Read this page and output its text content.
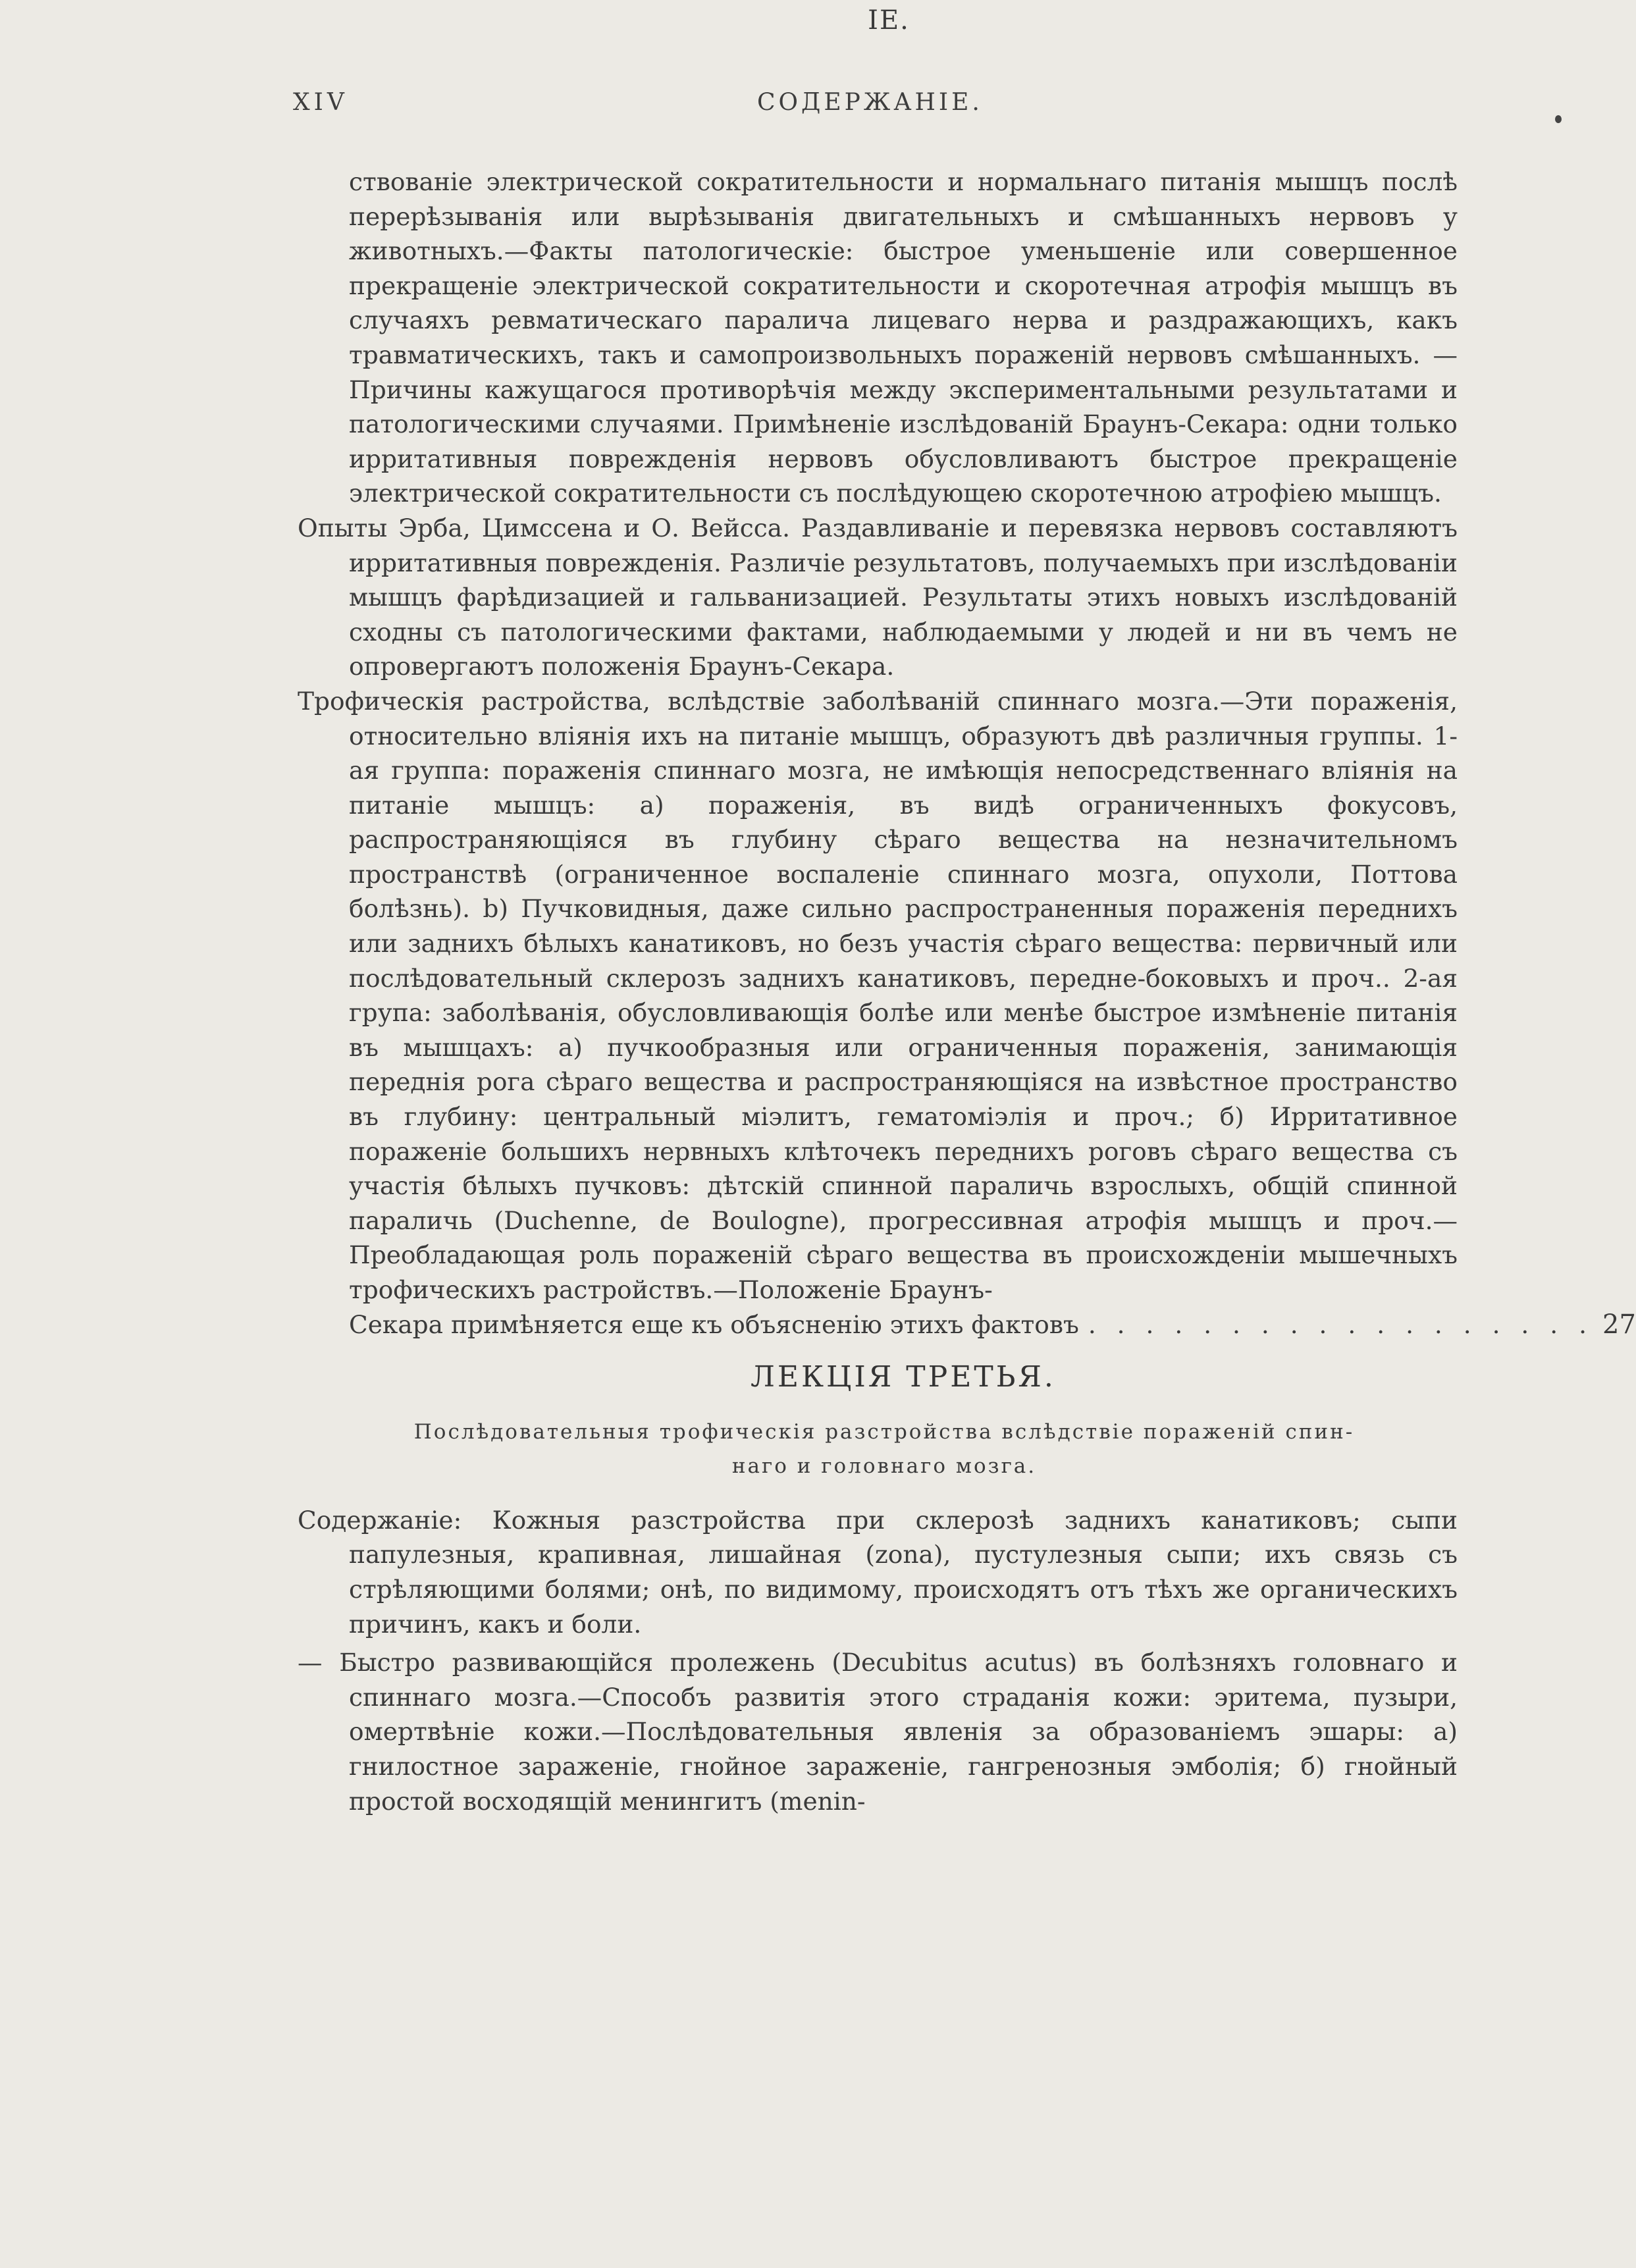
IE.
XIV	СОДЕРЖАНІЕ.
ствованіе электрической сократительности и нормальнаго питанія мышцъ послѣ перерѣзыванія или вырѣзыванія двигательныхъ и смѣшанныхъ нервовъ у животныхъ.—Факты патологическіе: быстрое уменьшеніе или совершенное прекращеніе электрической сократительности и скоротечная атрофія мышцъ въ случаяхъ ревматическаго паралича лицеваго нерва и раздражающихъ, какъ травматическихъ, такъ и самопроизвольныхъ пораженій нервовъ смѣшанныхъ. — Причины кажущагося противорѣчія между экспериментальными результатами и патологическими случаями. Примѣненіе изслѣдованій Браунъ-Секара: одни только ирритативныя поврежденія нервовъ обусловливаютъ быстрое прекращеніе электрической сократительности съ послѣдующею скоротечною атрофіею мышцъ.
Опыты Эрба, Цимссена и О. Вейсса. Раздавливаніе и перевязка нервовъ составляютъ ирритативныя поврежденія. Различіе результатовъ, получаемыхъ при изслѣдованіи мышцъ фарѣдизацией и гальванизацией. Результаты этихъ новыхъ изслѣдованій сходны съ патологическими фактами, наблюдаемыми у людей и ни въ чемъ не опровергаютъ положенія Браунъ-Секара.
Трофическія растройства, вслѣдствіе заболѣваній спиннаго мозга.—Эти пораженія, относительно вліянія ихъ на питаніе мышцъ, образуютъ двѣ различныя группы. 1-ая группа: пораженія спиннаго мозга, не имѣющія непосредственнаго вліянія на питаніе мышцъ: a) пораженія, въ видѣ ограниченныхъ фокусовъ, распространяющіяся въ глубину сѣраго вещества на незначительномъ пространствѣ (ограниченное воспаленіе спиннаго мозга, опухоли, Поттова болѣзнь). b) Пучковидныя, даже сильно распространенныя пораженія переднихъ или заднихъ бѣлыхъ канатиковъ, но безъ участія сѣраго вещества: первичный или послѣдовательный склерозъ заднихъ канатиковъ, передне-боковыхъ и проч.. 2-ая група: заболѣванія, обусловливающія болѣе или менѣе быстрое измѣненіе питанія въ мышцахъ: a) пучкообразныя или ограниченныя пораженія, занимающія переднія рога сѣраго вещества и распространяющіяся на извѣстное пространство въ глубину: центральный міэлитъ, гематоміэлія и проч.; б) Ирритативное пораженіе большихъ нервныхъ клѣточекъ переднихъ роговъ сѣраго вещества съ участія бѣлыхъ пучковъ: дѣтскій спинной параличь взрослыхъ, общій спинной параличь (Duchenne, de Boulogne), прогрессивная атрофія мышцъ и проч.—Преобладающая роль пораженій сѣраго вещества въ происхожденіи мышечныхъ трофическихъ растройствъ.—Положеніе Браунъ-
Секара примѣняется еще къ объясненію этихъ фактовъ . . . . . . . . . . . . . . . . . . 27
ЛЕКЦІЯ ТРЕТЬЯ.
Послѣдовательныя трофическія разстройства вслѣдствіе пораженій спин-
наго и головнаго мозга.
Содержаніе: Кожныя разстройства при склерозѣ заднихъ канатиковъ; сыпи папулезныя, крапивная, лишайная (zona), пустулезныя сыпи; ихъ связь съ стрѣляющими болями; онѣ, по видимому, происходятъ отъ тѣхъ же органическихъ причинъ, какъ и боли.
— Быстро развивающійся пролежень (Decubitus acutus) въ болѣзняхъ головнаго и спиннаго мозга.—Способъ развитія этого страданія кожи: эритема, пузыри, омертвѣніе кожи.—Послѣдовательныя явленія за образованіемъ эшары: а) гнилостное зараженіе, гнойное зараженіе, гангренозныя эмболія; б) гнойный простой восходящій менингитъ (menin-
